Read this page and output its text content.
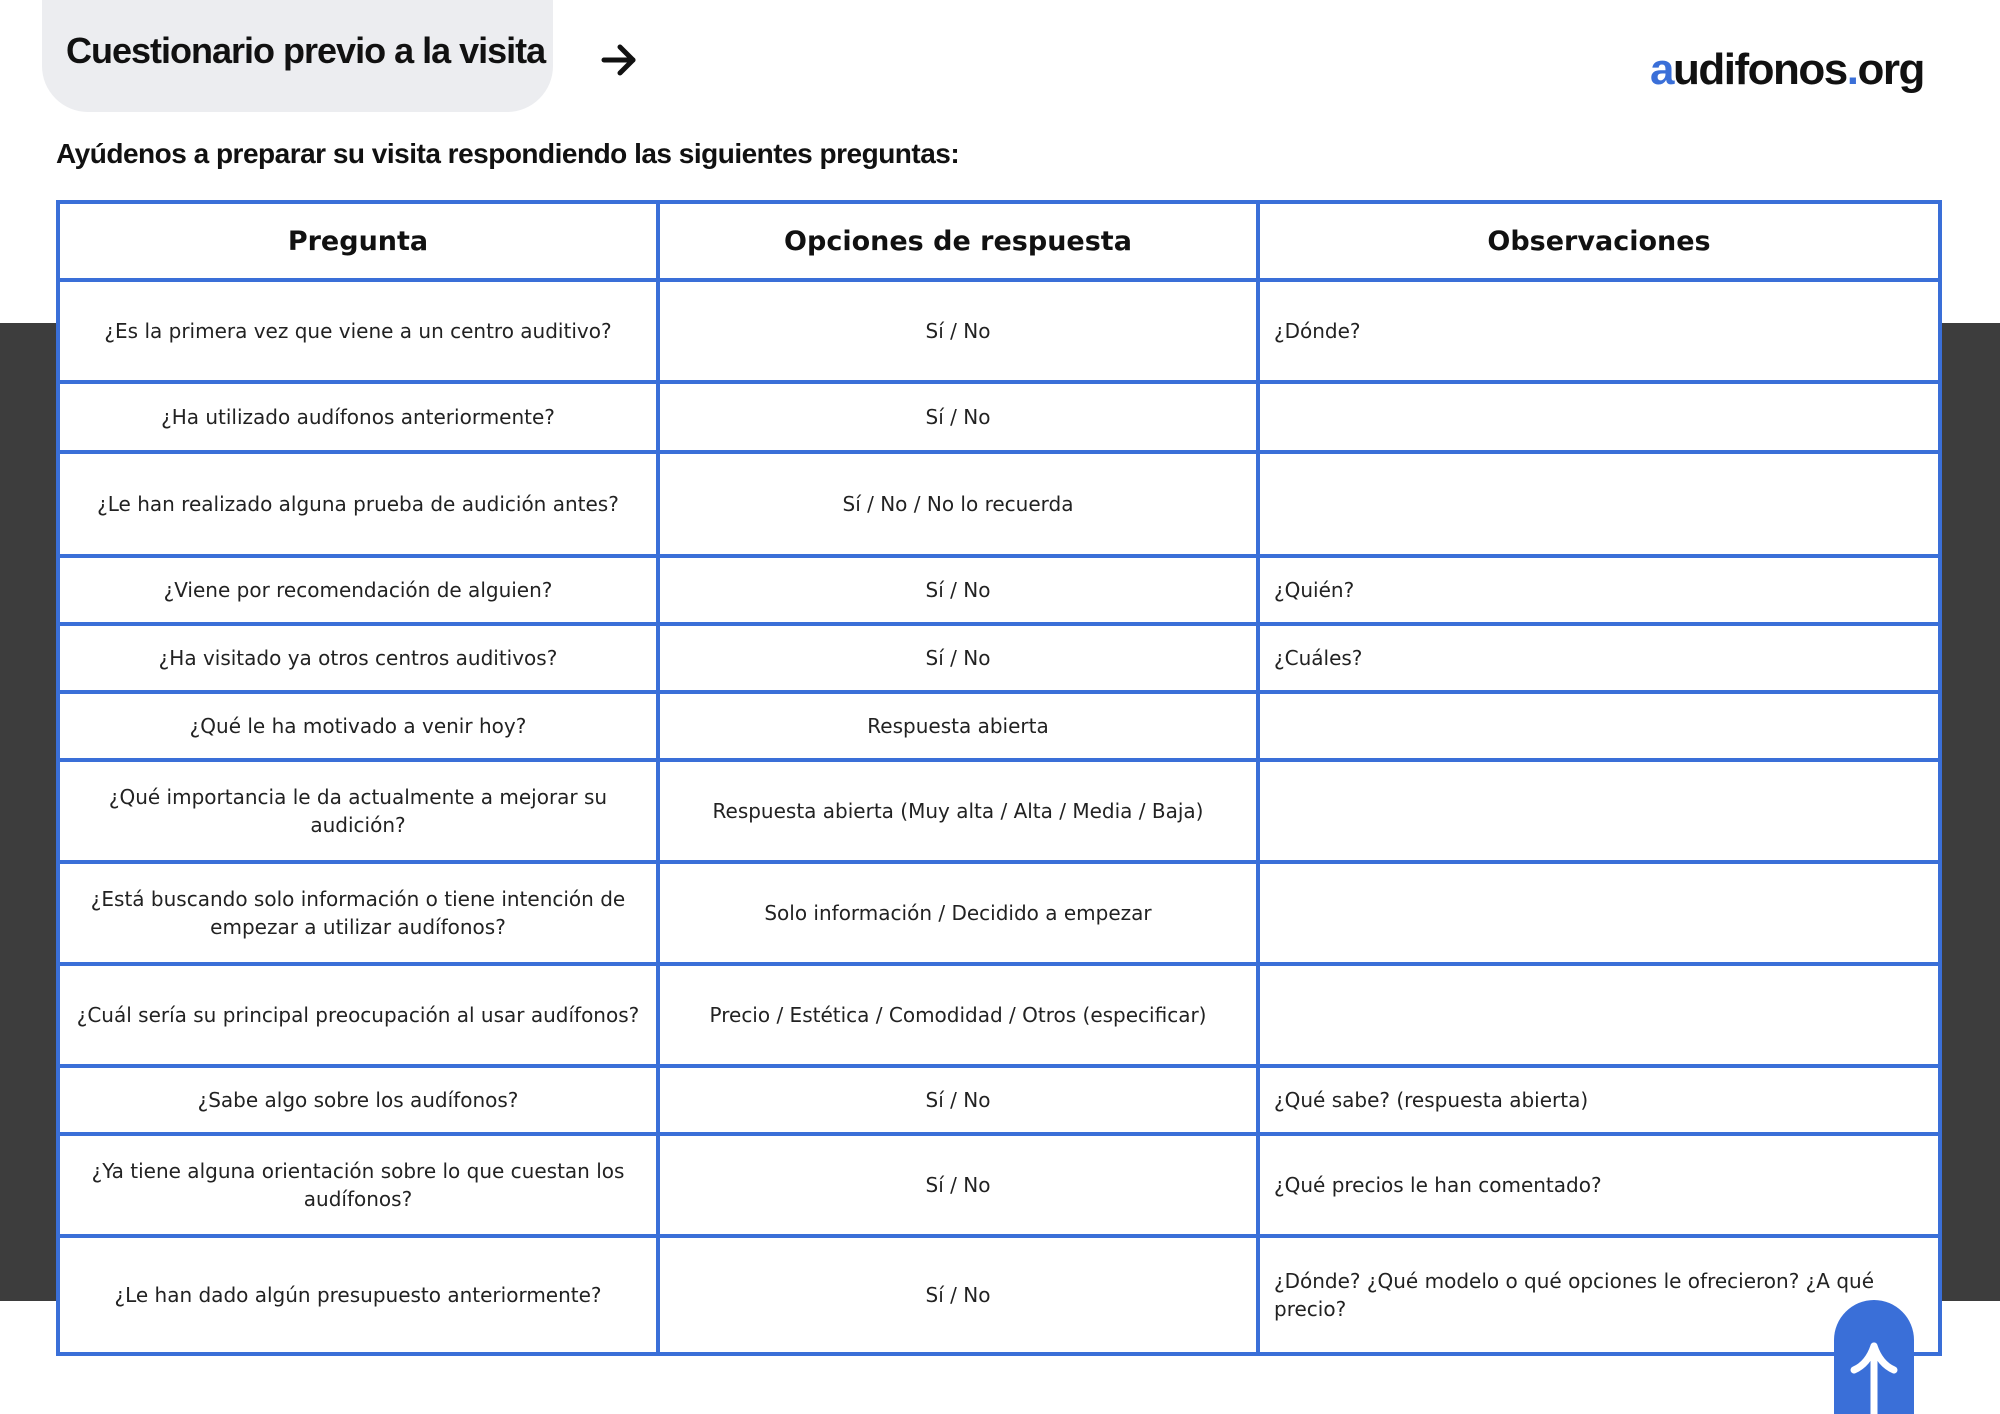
Cuestionario previo a la visita	audifonos.org
Ayúdenos a preparar su visita respondiendo las siguientes preguntas:
Pregunta	Opciones de respuesta	Observaciones
¿Es la primera vez que viene a un centro auditivo?	Sí / No	¿Dónde?
¿Ha utilizado audífonos anteriormente?	Sí / No	
¿Le han realizado alguna prueba de audición antes?	Sí / No / No lo recuerda	
¿Viene por recomendación de alguien?	Sí / No	¿Quién?
¿Ha visitado ya otros centros auditivos?	Sí / No	¿Cuáles?
¿Qué le ha motivado a venir hoy?	Respuesta abierta	
¿Qué importancia le da actualmente a mejorar su audición?	Respuesta abierta (Muy alta / Alta / Media / Baja)	
¿Está buscando solo información o tiene intención de empezar a utilizar audífonos?	Solo información / Decidido a empezar	
¿Cuál sería su principal preocupación al usar audífonos?	Precio / Estética / Comodidad / Otros (especificar)	
¿Sabe algo sobre los audífonos?	Sí / No	¿Qué sabe? (respuesta abierta)
¿Ya tiene alguna orientación sobre lo que cuestan los audífonos?	Sí / No	¿Qué precios le han comentado?
¿Le han dado algún presupuesto anteriormente?	Sí / No	¿Dónde? ¿Qué modelo o qué opciones le ofrecieron? ¿A qué precio?
